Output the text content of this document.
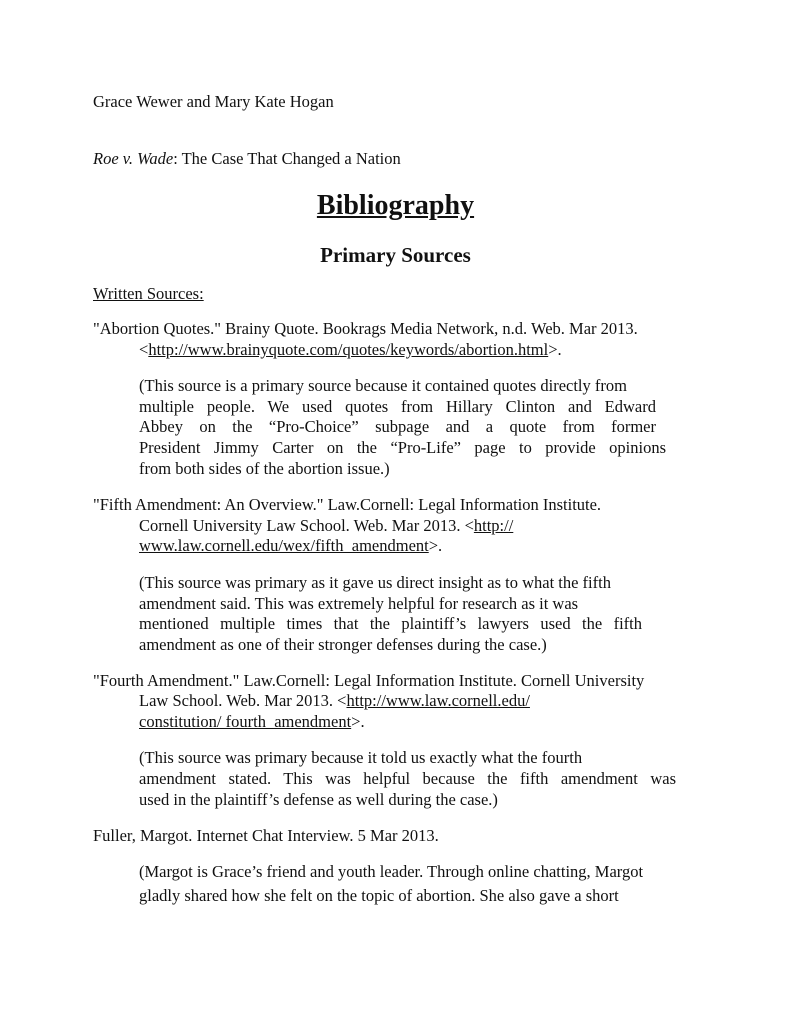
Grace Wewer and Mary Kate Hogan
Roe v. Wade: The Case That Changed a Nation
Bibliography
Primary Sources
Written Sources:
"Abortion Quotes." Brainy Quote. Bookrags Media Network, n.d. Web. Mar 2013.
<http://www.brainyquote.com/quotes/keywords/abortion.html>.
(This source is a primary source because it contained quotes directly from
multiple people. We used quotes from Hillary Clinton and Edward
Abbey on the “Pro-Choice” subpage and a quote from former
President Jimmy Carter on the “Pro-Life” page to provide opinions
from both sides of the abortion issue.)
"Fifth Amendment: An Overview." Law.Cornell: Legal Information Institute.
Cornell University Law School. Web. Mar 2013. <http://
www.law.cornell.edu/wex/fifth_amendment>.
(This source was primary as it gave us direct insight as to what the fifth
amendment said. This was extremely helpful for research as it was
mentioned multiple times that the plaintiff’s lawyers used the fifth
amendment as one of their stronger defenses during the case.)
"Fourth Amendment." Law.Cornell: Legal Information Institute. Cornell University
Law School. Web. Mar 2013. <http://www.law.cornell.edu/
constitution/ fourth_amendment>.
(This source was primary because it told us exactly what the fourth
amendment stated. This was helpful because the fifth amendment was
used in the plaintiff’s defense as well during the case.)
Fuller, Margot. Internet Chat Interview. 5 Mar 2013.
(Margot is Grace’s friend and youth leader. Through online chatting, Margot
gladly shared how she felt on the topic of abortion. She also gave a short
